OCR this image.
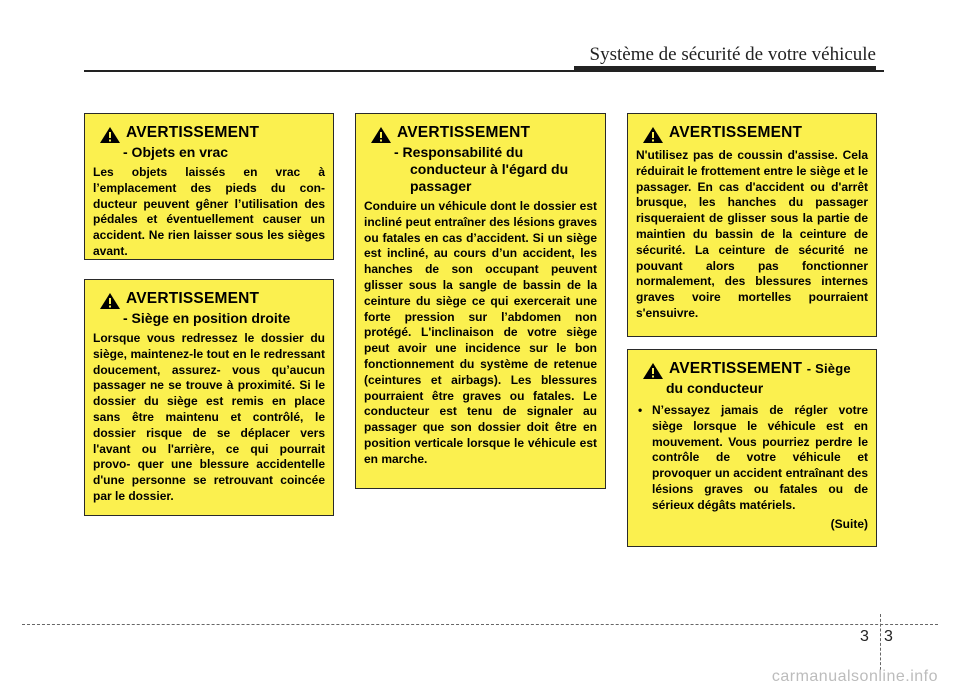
Système de sécurité de votre véhicule
AVERTISSEMENT
- Objets en vrac
Les objets laissés en vrac à l’emplacement des pieds du con- ducteur peuvent gêner l’utilisation des pédales et éventuellement causer un accident. Ne rien laisser sous les sièges avant.
AVERTISSEMENT
- Siège en position droite
Lorsque vous redressez le dossier du siège, maintenez-le tout en le redressant doucement, assurez- vous qu’aucun passager ne se trouve à proximité. Si le dossier du siège est remis en place sans être maintenu et contrôlé, le dossier risque de se déplacer vers l'avant ou l'arrière, ce qui pourrait provo- quer une blessure accidentelle d'une personne se retrouvant coincée par le dossier.
AVERTISSEMENT
- Responsabilité du
conducteur à l'égard du passager
Conduire un véhicule dont le dossier est incliné peut entraîner des lésions graves ou fatales en cas d’accident. Si un siège est incliné, au cours d’un accident, les hanches de son occupant peuvent glisser sous la sangle de bassin de la ceinture du siège ce qui exercerait une forte pression sur l’abdomen non protégé. L'inclinaison de votre siège peut avoir une incidence sur le bon fonctionnement du système de retenue (ceintures et airbags). Les blessures pourraient être graves ou fatales. Le conducteur est tenu de signaler au passager que son dossier doit être en position verticale lorsque le véhicule est en marche.
AVERTISSEMENT
N'utilisez pas de coussin d'assise. Cela réduirait le frottement entre le siège et le passager. En cas d'accident ou d'arrêt brusque, les hanches du passager risqueraient de glisser sous la partie de maintien du bassin de la ceinture de sécurité. La ceinture de sécurité ne pouvant alors pas fonctionner normalement, des blessures internes graves voire mortelles pourraient s'ensuivre.
AVERTISSEMENT - Siège
du conducteur
• N’essayez jamais de régler votre siège lorsque le véhicule est en mouvement. Vous pourriez perdre le contrôle de votre véhicule et provoquer un accident entraînant des lésions graves ou fatales ou de sérieux dégâts matériels.
(Suite)
3 3
carmanualsonline.info
